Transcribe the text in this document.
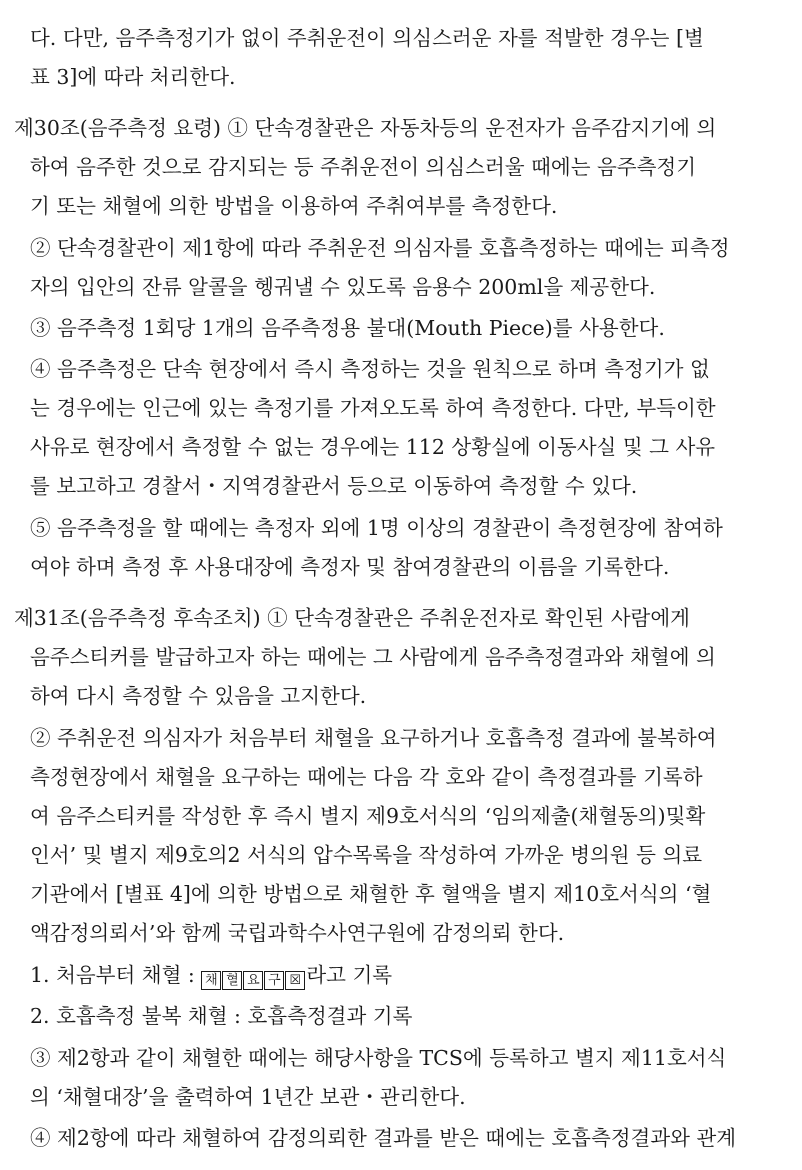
다. 다만, 음주측정기가 없이 주취운전이 의심스러운 자를 적발한 경우는 [별
표 3]에 따라 처리한다.
제30조(음주측정 요령) ① 단속경찰관은 자동차등의 운전자가 음주감지기에 의
하여 음주한 것으로 감지되는 등 주취운전이 의심스러울 때에는 음주측정기
기 또는 채혈에 의한 방법을 이용하여 주취여부를 측정한다.
② 단속경찰관이 제1항에 따라 주취운전 의심자를 호흡측정하는 때에는 피측정
자의 입안의 잔류 알콜을 헹궈낼 수 있도록 음용수 200ml을 제공한다.
③ 음주측정 1회당 1개의 음주측정용 불대(Mouth Piece)를 사용한다.
④ 음주측정은 단속 현장에서 즉시 측정하는 것을 원칙으로 하며 측정기가 없
는 경우에는 인근에 있는 측정기를 가져오도록 하여 측정한다. 다만, 부득이한
사유로 현장에서 측정할 수 없는 경우에는 112 상황실에 이동사실 및 그 사유
를 보고하고 경찰서・지역경찰관서 등으로 이동하여 측정할 수 있다.
⑤ 음주측정을 할 때에는 측정자 외에 1명 이상의 경찰관이 측정현장에 참여하
여야 하며 측정 후 사용대장에 측정자 및 참여경찰관의 이름을 기록한다.
제31조(음주측정 후속조치) ① 단속경찰관은 주취운전자로 확인된 사람에게
음주스티커를 발급하고자 하는 때에는 그 사람에게 음주측정결과와 채혈에 의
하여 다시 측정할 수 있음을 고지한다.
② 주취운전 의심자가 처음부터 채혈을 요구하거나 호흡측정 결과에 불복하여
측정현장에서 채혈을 요구하는 때에는 다음 각 호와 같이 측정결과를 기록하
여 음주스티커를 작성한 후 즉시 별지 제9호서식의 ‘임의제출(채혈동의)및확
인서’ 및 별지 제9호의2 서식의 압수목록을 작성하여 가까운 병의원 등 의료
기관에서 [별표 4]에 의한 방법으로 채혈한 후 혈액을 별지 제10호서식의 ‘혈
액감정의뢰서’와 함께 국립과학수사연구원에 감정의뢰 한다.
1. 처음부터 채혈 : 채 혈 요 구 ☒ 라고 기록
2. 호흡측정 불복 채혈 : 호흡측정결과 기록
③ 제2항과 같이 채혈한 때에는 해당사항을 TCS에 등록하고 별지 제11호서식
의 ‘채혈대장’을 출력하여 1년간 보관・관리한다.
④ 제2항에 따라 채혈하여 감정의뢰한 결과를 받은 때에는 호흡측정결과와 관계
